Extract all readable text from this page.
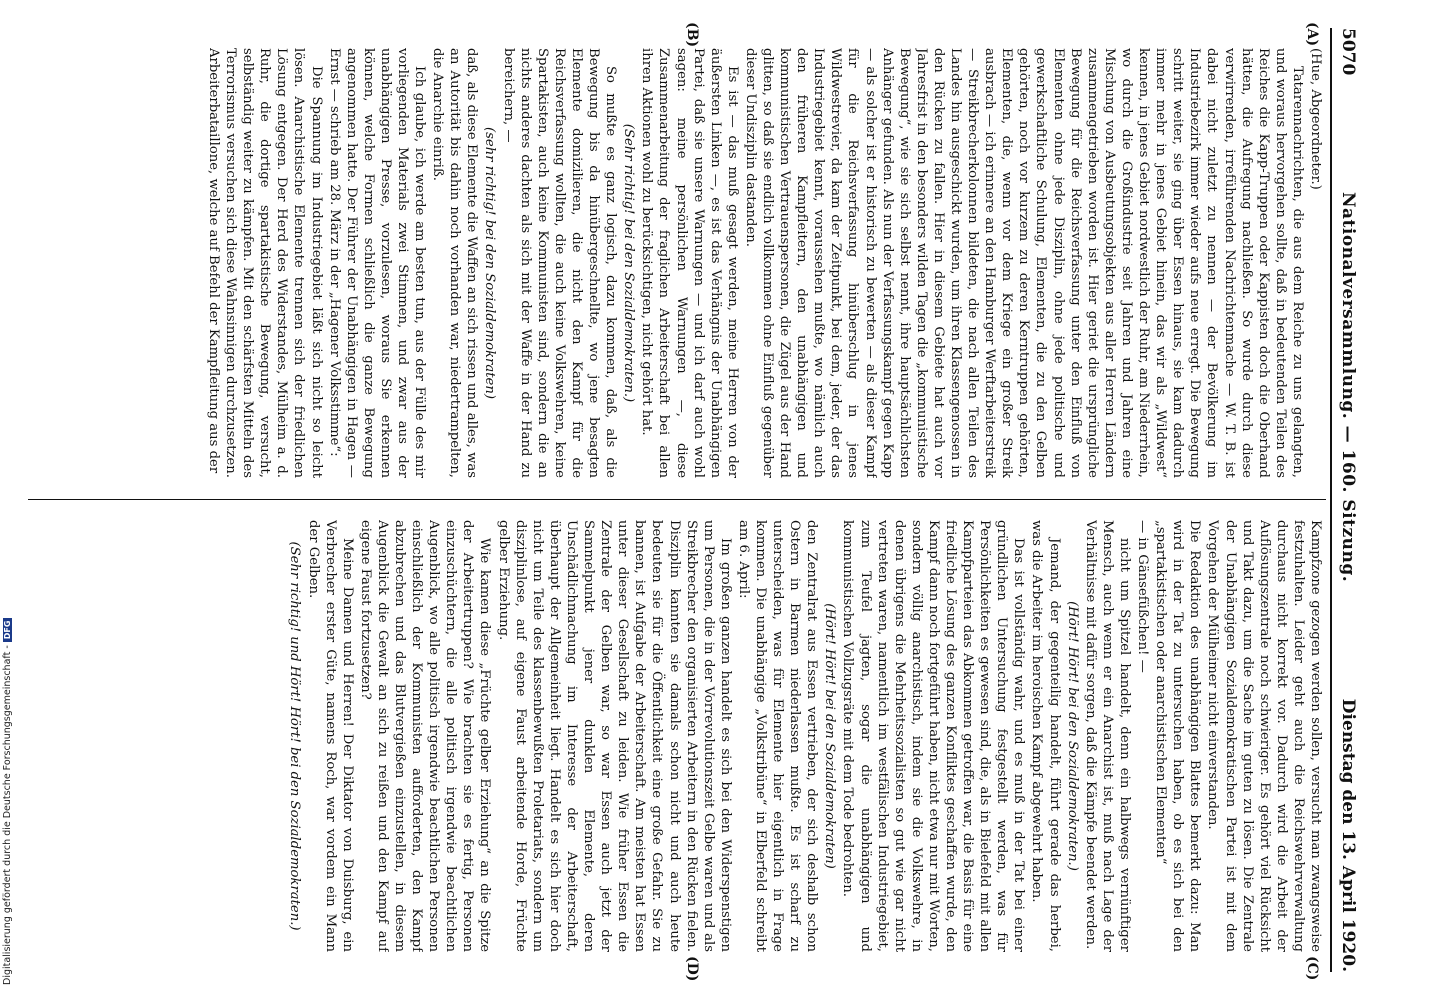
5070
Nationalversammlung. — 160. Sitzung.
Dienstag den 13. April 1920.
(A)
(B)
(C)
(D)

(Hue, Abgeordneter.)

Tatarennachrichten, die aus dem Reiche zu uns gelangten, und woraus hervorgehen sollte, daß in bedeutenden Teilen des Reiches die Kapp-Truppen oder Kappisten doch die Oberhand hätten, die Aufregung nachließen. So wurde durch diese verwirrenden, irreführenden Nachrichtenmache — W. T. B. ist dabei nicht zuletzt zu nennen — der Bevölkerung im Industriebezirk immer wieder aufs neue erregt. Die Bewegung schritt weiter, sie ging über Essen hinaus, sie kam dadurch immer mehr in jenes Gebiet hinein, das wir als „Wildwest“ kennen, in jenes Gebiet nordwestlich der Ruhr, am Niederrhein, wo durch die Großindustrie seit Jahren und Jahren eine Mischung von Ausbeutungsobjekten aus aller Herren Ländern zusammengetrieben worden ist. Hier geriet die ursprüngliche Bewegung für die Reichsverfassung unter den Einfluß von Elementen ohne jede Disziplin, ohne jede politische und gewerkschaftliche Schulung, Elementen, die zu den Gelben gehörten, noch vor kurzem zu deren Kerntruppen gehörten, Elementen, die, wenn vor dem Kriege ein großer Streik ausbrach — ich erinnere an den Hamburger Werftarbeiterstreik — Streikbrecherkolonnen bildeten, die nach allen Teilen des Landes hin ausgeschickt wurden, um ihren Klassengenossen in den Rücken zu fallen. Hier in diesem Gebiete hat auch vor Jahresfrist in den besonders wilden Tagen die „kommunistische Bewegung“, wie sie sich selbst nennt, ihre hauptsächlichsten Anhänger gefunden. Als nun der Verfassungskampf gegen Kapp — als solcher ist er historisch zu bewerten — als dieser Kampf für die Reichsverfassung hinüberschlug in jenes Wildwestrevier, da kam der Zeitpunkt, bei dem, jeder, der das Industriegebiet kennt, voraussehen mußte, wo nämlich auch den früheren Kampfleitern, den unabhängigen und kommunistischen Vertrauenspersonen, die Zügel aus der Hand glitten, so daß sie endlich vollkommen ohne Einfluß gegenüber dieser Undisziplin dastanden.

Es ist — das muß gesagt werden, meine Herren von der äußersten Linken —, es ist das Verhängnis der Unabhängigen Partei, daß sie unsere Warnungen — und ich darf auch wohl sagen: meine persönlichen Warnungen —, diese Zusammenarbeitung der fraglichen Arbeiterschaft bei allen ihren Aktionen wohl zu berücksichtigen, nicht gehört hat.

(Sehr richtig! bei den Sozialdemokraten.)

So mußte es ganz logisch, dazu kommen, daß, als die Bewegung bis da hinübergeschnellte, wo jene besagten Elemente domizilieren, die nicht den Kampf für die Reichsverfassung wollten, die auch keine Volkswehren, keine Spartakisten, auch keine Kommunisten sind, sondern die an nichts anderes dachten als sich mit der Waffe in der Hand zu bereichern, —

(sehr richtig! bei den Sozialdemokraten)

daß, als diese Elemente die Waffen an sich rissen und alles, was an Autorität bis dahin noch vorhanden war, niedertrampelten, die Anarchie einriß.

Ich glaube, ich werde am besten tun, aus der Fülle des mir vorliegenden Materials zwei Stimmen, und zwar aus der unabhängigen Presse, vorzulesen, woraus Sie erkennen können, welche Formen schließlich die ganze Bewegung angenommen hatte. Der Führer der Unabhängigen in Hagen — Ernst — schrieb am 28. März in der „Hagener Volksstimme“:

Die Spannung im Industriegebiet läßt sich nicht so leicht lösen. Anarchistische Elemente trennen sich der friedlichen Lösung entgegen. Der Herd des Widerstandes, Mülheim a. d. Ruhr, die dortige spartakistische Bewegung, versucht, selbständig weiter zu kämpfen. Mit den schärfsten Mitteln des Terrorismus versuchen sich diese Wahnsinnigen durchzusetzen. Arbeiterbataillone, welche auf Befehl der Kampfleitung aus der

Kampfzone gezogen werden sollen, versucht man zwangsweise festzuhalten. Leider geht auch die Reichswehrverwaltung durchaus nicht korrekt vor. Dadurch wird die Arbeit der Auflösungszentrale noch schwieriger. Es gehört viel Rücksicht und Takt dazu, um die Sache im guten zu lösen. Die Zentrale der Unabhängigen Sozialdemokratischen Partei ist mit dem Vorgehen der Mülheimer nicht einverstanden.

Die Redaktion des unabhängigen Blattes bemerkt dazu: Man wird in der Tat zu untersuchen haben, ob es sich bei den „spartakistischen oder anarchistischen Elementen“

— in Gänsefüßchen! —

nicht um Spitzel handelt, denn ein halbwegs vernünftiger Mensch, auch wenn er ein Anarchist ist, muß nach Lage der Verhältnisse mit dafür sorgen, daß die Kämpfe beendet werden.

(Hört! Hört! bei den Sozialdemokraten.)

Jemand, der gegenteilig handelt, führt gerade das herbei, was die Arbeiter im heroischen Kampf abgewehrt haben.

Das ist vollständig wahr, und es muß in der Tat bei einer gründlichen Untersuchung festgestellt werden, was für Persönlichkeiten es gewesen sind, die, als in Bielefeld mit allen Kampfparteien das Abkommen getroffen war, die Basis für eine friedliche Lösung des ganzen Konfliktes geschaffen wurde, den Kampf dann noch fortgeführt haben, nicht etwa nur mit Worten, sondern völlig anarchistisch, indem sie die Volkswehre, in denen übrigens die Mehrheitssozialisten so gut wie gar nicht vertreten waren, namentlich im westfälischen Industriegebiet, zum Teufel jagten, sogar die unabhängigen und kommunistischen Vollzugsräte mit dem Tode bedrohten.

(Hört! Hört! bei den Sozialdemokraten)

den Zentralrat aus Essen vertrieben, der sich deshalb schon Ostern in Barmen niederlassen mußte. Es ist scharf zu unterscheiden, was für Elemente hier eigentlich in Frage kommen. Die unabhängige „Volkstribüne“ in Elberfeld schreibt am 6. April:

Im großen ganzen handelt es sich bei den Widerspenstigen um Personen, die in der Vorrevolutionszeit Gelbe waren und als Streikbrecher den organisierten Arbeitern in den Rücken fielen. Disziplin kannten sie damals schon nicht und auch heute bedeuten sie für die Öffentlichkeit eine große Gefahr. Sie zu bannen, ist Aufgabe der Arbeiterschaft. Am meisten hat Essen unter dieser Gesellschaft zu leiden. Wie früher Essen die Zentrale der Gelben war, so war Essen auch jetzt der Sammelpunkt jener dunklen Elemente, deren Unschädlichmachung im Interesse der Arbeiterschaft, überhaupt der Allgemeinheit liegt. Handelt es sich hier doch nicht um Teile des klassenbewußten Proletariats, sondern um disziplinlose, auf eigene Faust arbeitende Horde, Früchte gelber Erziehung.

Wie kamen diese „Früchte gelber Erziehung“ an die Spitze der Arbeitertruppen? Wie brachten sie es fertig, Personen einzuschüchtern, die alle politisch irgendwie beachtlichen Augenblick, wo alle politisch irgendwie beachtlichen Personen einschließlich der Kommunisten aufforderten, den Kampf abzubrechen und das Blutvergießen einzustellen, in diesem Augenblick die Gewalt an sich zu reißen und den Kampf auf eigene Faust fortzusetzen?

Meine Damen und Herren! Der Diktator von Duisburg, ein Verbrecher erster Güte, namens Roch, war vordem ein Mann der Gelben.

(Sehr richtig! und Hört! Hört! bei den Sozialdemokraten.)

Digitalisierung gefördert durch die Deutsche Forschungsgemeinschaft -DFG
